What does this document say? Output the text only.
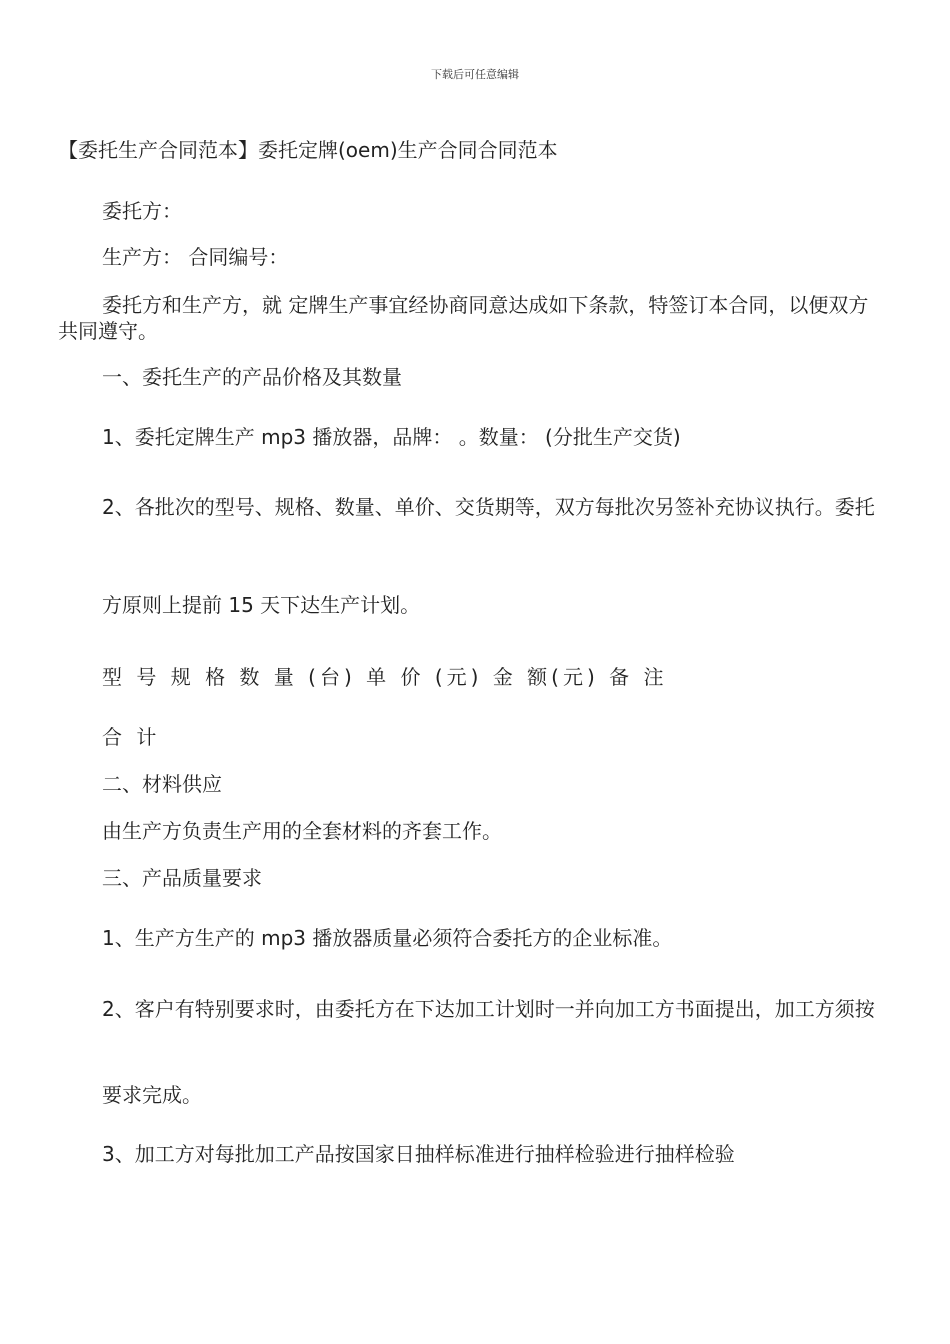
下载后可任意编辑
【委托生产合同范本】委托定牌(oem)生产合同合同范本
委托方：
生产方： 合同编号：
委托方和生产方，就 定牌生产事宜经协商同意达成如下条款，特签订本合同，以便双方共同遵守。
一、委托生产的产品价格及其数量
1、委托定牌生产 mp3 播放器，品牌： 。数量： (分批生产交货)
2、各批次的型号、规格、数量、单价、交货期等，双方每批次另签补充协议执行。委托
方原则上提前 15 天下达生产计划。
型 号 规 格 数 量 (台) 单 价 (元) 金 额(元) 备 注
合 计
二、材料供应
由生产方负责生产用的全套材料的齐套工作。
三、产品质量要求
1、生产方生产的 mp3 播放器质量必须符合委托方的企业标准。
2、客户有特别要求时，由委托方在下达加工计划时一并向加工方书面提出，加工方须按
要求完成。
3、加工方对每批加工产品按国家日抽样标准进行抽样检验进行抽样检验
